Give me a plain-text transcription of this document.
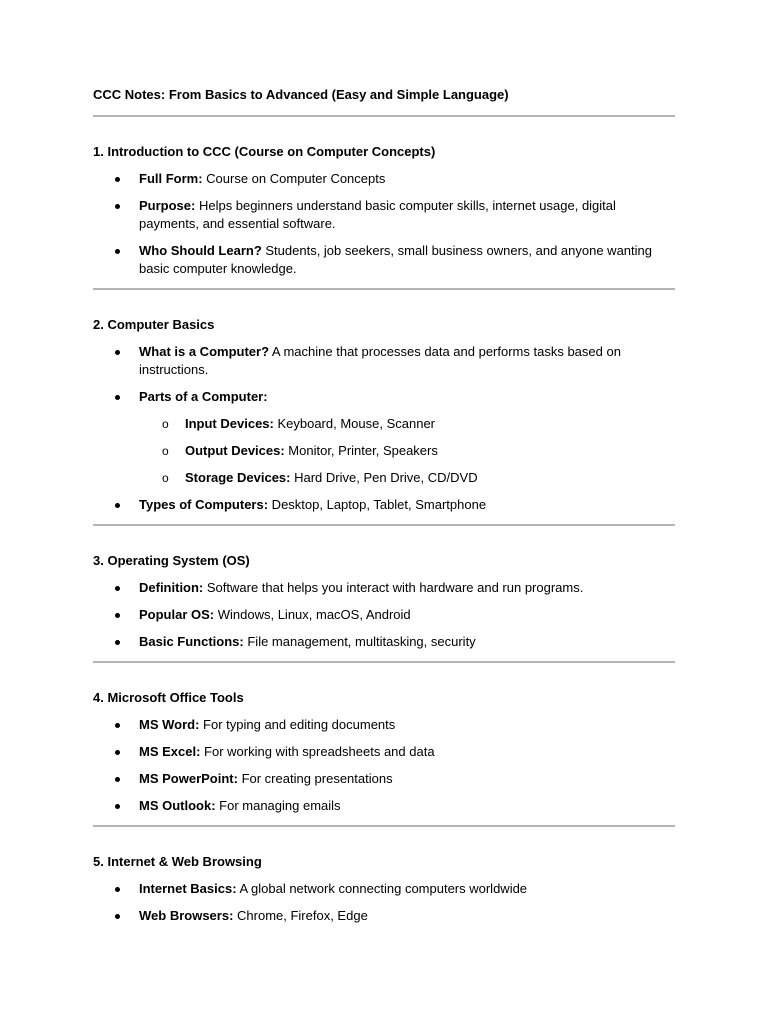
CCC Notes: From Basics to Advanced (Easy and Simple Language)

1. Introduction to CCC (Course on Computer Concepts)

Full Form: Course on Computer Concepts
Purpose: Helps beginners understand basic computer skills, internet usage, digital payments, and essential software.
Who Should Learn? Students, job seekers, small business owners, and anyone wanting basic computer knowledge.

2. Computer Basics

What is a Computer? A machine that processes data and performs tasks based on instructions.
Parts of a Computer:
o Input Devices: Keyboard, Mouse, Scanner
o Output Devices: Monitor, Printer, Speakers
o Storage Devices: Hard Drive, Pen Drive, CD/DVD
Types of Computers: Desktop, Laptop, Tablet, Smartphone

3. Operating System (OS)

Definition: Software that helps you interact with hardware and run programs.
Popular OS: Windows, Linux, macOS, Android
Basic Functions: File management, multitasking, security

4. Microsoft Office Tools

MS Word: For typing and editing documents
MS Excel: For working with spreadsheets and data
MS PowerPoint: For creating presentations
MS Outlook: For managing emails

5. Internet & Web Browsing

Internet Basics: A global network connecting computers worldwide
Web Browsers: Chrome, Firefox, Edge
